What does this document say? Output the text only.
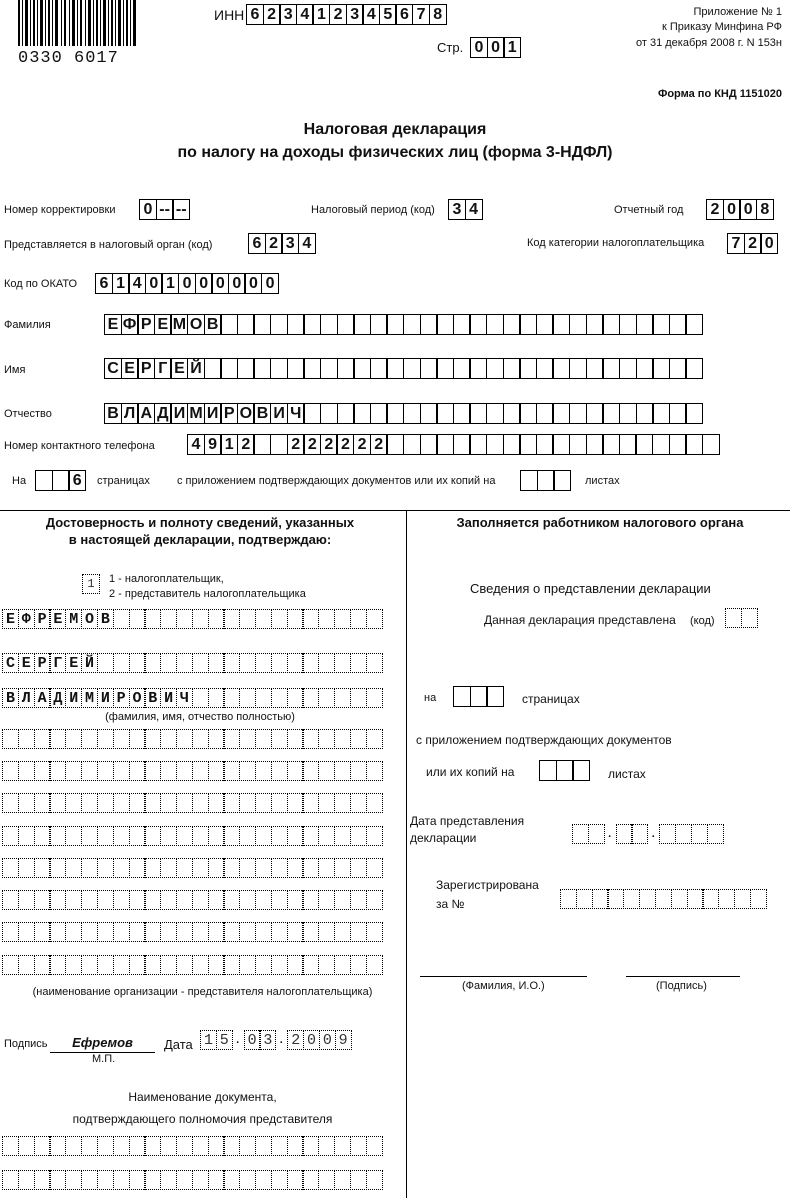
0330 6017
ИНН 6 2 3 4 1 2 3 4 5 6 7 8
Стр. 0 0 1
Приложение № 1
к Приказу Минфина РФ
от 31 декабря 2008 г. N 153н
Форма по КНД 1151020
Налоговая декларация
по налогу на доходы физических лиц (форма 3-НДФЛ)
Номер корректировки 0 -- --	Налоговый период (код) 3 4	Отчетный год 2 0 0 8
Представляется в налоговый орган (код)	6 2 3 4	Код категории налогоплательщика 7 2 0
Код по ОКАТО 6 1 4 0 1 0 0 0 0 0 0
Фамилия	Е Ф Р Е М О В
Имя	С Е Р Г Е Й
Отчество	В Л А Д И М И Р О В И Ч
Номер контактного телефона 4 9 1 2	2 2 2 2 2 2
На	6	страницах с приложением подтверждающих документов или их копий на	листах
Достоверность и полноту сведений, указанных
в настоящей декларации, подтверждаю:
1	1 - налогоплательщик,
2 - представитель налогоплательщика
Е Ф Р Е М О В
С Е Р Г Е Й
В Л А Д И М И Р О В И Ч
(фамилия, имя, отчество полностью)
(наименование организации - представителя налогоплательщика)
Подпись	Ефремов
М.П.
Дата 1 5 . 0 3 . 2 0 0 9
Наименование документа,
подтверждающего полномочия представителя
Заполняется работником налогового органа
Сведения о представлении декларации
Данная декларация представлена (код)
на	страницах
с приложением подтверждающих документов
или их копий на	листах
Дата представления
декларации	.	.
Зарегистрирована
за №
(Фамилия, И.О.)	(Подпись)
